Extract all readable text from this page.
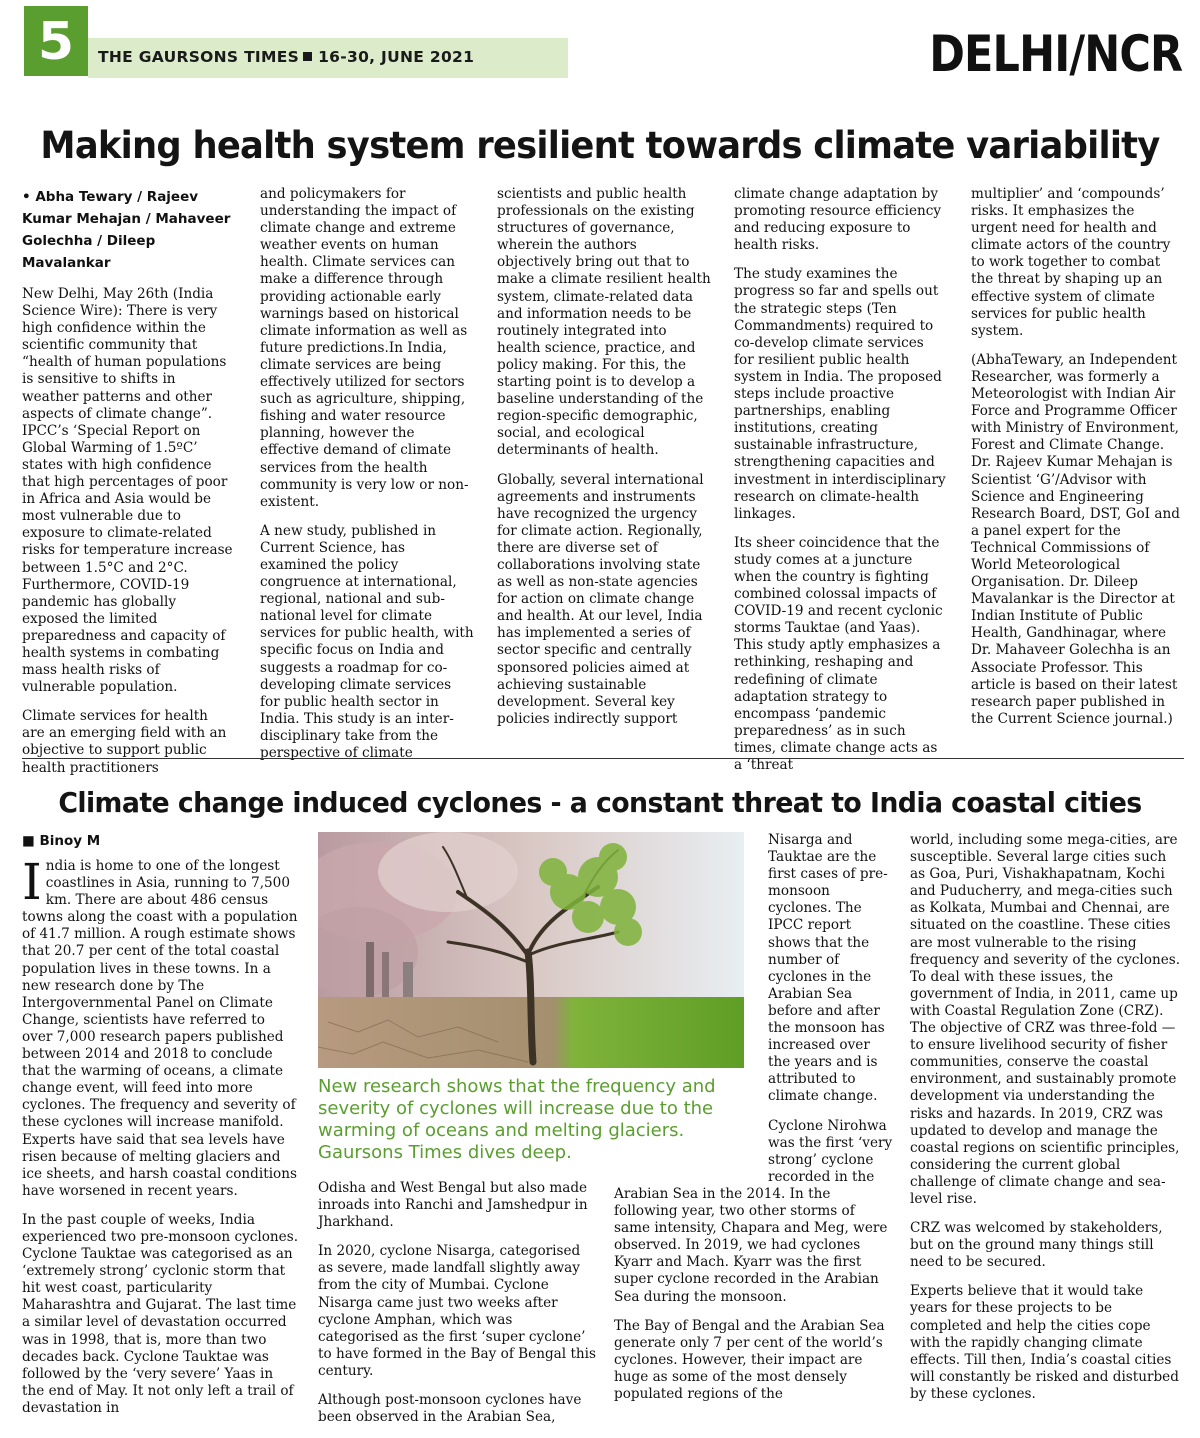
5	THE GAURSONS TIMES 16-30, JUNE 2021	DELHI/NCR
Making health system resilient towards climate variability

• Abha Tewary / Rajeev Kumar Mehajan / Mahaveer Golechha / Dileep Mavalankar

New Delhi, May 26th (India Science Wire): There is very high confidence within the scientific community that “health of human populations is sensitive to shifts in weather patterns and other aspects of climate change”. IPCC’s ‘Special Report on Global Warming of 1.5ºC’ states with high confidence that high percentages of poor in Africa and Asia would be most vulnerable due to exposure to climate-related risks for temperature increase between 1.5°C and 2°C. Furthermore, COVID-19 pandemic has globally exposed the limited preparedness and capacity of health systems in combating mass health risks of vulnerable population.

Climate services for health are an emerging field with an objective to support public health practitioners

and policymakers for understanding the impact of climate change and extreme weather events on human health. Climate services can make a difference through providing actionable early warnings based on historical climate information as well as future predictions.In India, climate services are being effectively utilized for sectors such as agriculture, shipping, fishing and water resource planning, however the effective demand of climate services from the health community is very low or non-existent.

A new study, published in Current Science, has examined the policy congruence at international, regional, national and sub-national level for climate services for public health, with specific focus on India and suggests a roadmap for co-developing climate services for public health sector in India. This study is an inter-disciplinary take from the perspective of climate

scientists and public health professionals on the existing structures of governance, wherein the authors objectively bring out that to make a climate resilient health system, climate-related data and information needs to be routinely integrated into health science, practice, and policy making. For this, the starting point is to develop a baseline understanding of the region-specific demographic, social, and ecological determinants of health.

Globally, several international agreements and instruments have recognized the urgency for climate action. Regionally, there are diverse set of collaborations involving state as well as non-state agencies for action on climate change and health. At our level, India has implemented a series of sector specific and centrally sponsored policies aimed at achieving sustainable development. Several key policies indirectly support

climate change adaptation by promoting resource efficiency and reducing exposure to health risks.

The study examines the progress so far and spells out the strategic steps (Ten Commandments) required to co-develop climate services for resilient public health system in India. The proposed steps include proactive partnerships, enabling institutions, creating sustainable infrastructure, strengthening capacities and investment in interdisciplinary research on climate-health linkages.

Its sheer coincidence that the study comes at a juncture when the country is fighting combined colossal impacts of COVID-19 and recent cyclonic storms Tauktae (and Yaas). This study aptly emphasizes a rethinking, reshaping and redefining of climate adaptation strategy to encompass ‘pandemic preparedness’ as in such times, climate change acts as a ‘threat

multiplier’ and ‘compounds’ risks. It emphasizes the urgent need for health and climate actors of the country to work together to combat the threat by shaping up an effective system of climate services for public health system.

(AbhaTewary, an Independent Researcher, was formerly a Meteorologist with Indian Air Force and Programme Officer with Ministry of Environment, Forest and Climate Change. Dr. Rajeev Kumar Mehajan is Scientist ‘G’/Advisor with Science and Engineering Research Board, DST, GoI and a panel expert for the Technical Commissions of World Meteorological Organisation. Dr. Dileep Mavalankar is the Director at Indian Institute of Public Health, Gandhinagar, where Dr. Mahaveer Golechha is an Associate Professor. This article is based on their latest research paper published in the Current Science journal.)

Climate change induced cyclones - a constant threat to India coastal cities

■ Binoy M

India is home to one of the longest coastlines in Asia, running to 7,500 km. There are about 486 census towns along the coast with a population of 41.7 million. A rough estimate shows that 20.7 per cent of the total coastal population lives in these towns. In a new research done by The Intergovernmental Panel on Climate Change, scientists have referred to over 7,000 research papers published between 2014 and 2018 to conclude that the warming of oceans, a climate change event, will feed into more cyclones. The frequency and severity of these cyclones will increase manifold. Experts have said that sea levels have risen because of melting glaciers and ice sheets, and harsh coastal conditions have worsened in recent years.

In the past couple of weeks, India experienced two pre-monsoon cyclones. Cyclone Tauktae was categorised as an ‘extremely strong’ cyclonic storm that hit west coast, particularity Maharashtra and Gujarat. The last time a similar level of devastation occurred was in 1998, that is, more than two decades back. Cyclone Tauktae was followed by the ‘very severe’ Yaas in the end of May. It not only left a trail of devastation in

New research shows that the frequency and severity of cyclones will increase due to the warming of oceans and melting glaciers. Gaursons Times dives deep.

Odisha and West Bengal but also made inroads into Ranchi and Jamshedpur in Jharkhand.

In 2020, cyclone Nisarga, categorised as severe, made landfall slightly away from the city of Mumbai. Cyclone Nisarga came just two weeks after cyclone Amphan, which was categorised as the first ‘super cyclone’ to have formed in the Bay of Bengal this century.

Although post-monsoon cyclones have been observed in the Arabian Sea,

Nisarga and Tauktae are the first cases of pre-monsoon cyclones. The IPCC report shows that the number of cyclones in the Arabian Sea before and after the monsoon has increased over the years and is attributed to climate change.

Cyclone Nirohwa was the first ‘very strong’ cyclone recorded in the

Arabian Sea in the 2014. In the following year, two other storms of same intensity, Chapara and Meg, were observed. In 2019, we had cyclones Kyarr and Mach. Kyarr was the first super cyclone recorded in the Arabian Sea during the monsoon.

The Bay of Bengal and the Arabian Sea generate only 7 per cent of the world’s cyclones. However, their impact are huge as some of the most densely populated regions of the

world, including some mega-cities, are susceptible. Several large cities such as Goa, Puri, Vishakhapatnam, Kochi and Puducherry, and mega-cities such as Kolkata, Mumbai and Chennai, are situated on the coastline. These cities are most vulnerable to the rising frequency and severity of the cyclones. To deal with these issues, the government of India, in 2011, came up with Coastal Regulation Zone (CRZ). The objective of CRZ was three-fold — to ensure livelihood security of fisher communities, conserve the coastal environment, and sustainably promote development via understanding the risks and hazards. In 2019, CRZ was updated to develop and manage the coastal regions on scientific principles, considering the current global challenge of climate change and sea-level rise.

CRZ was welcomed by stakeholders, but on the ground many things still need to be secured.

Experts believe that it would take years for these projects to be completed and help the cities cope with the rapidly changing climate effects. Till then, India’s coastal cities will constantly be risked and disturbed by these cyclones.
